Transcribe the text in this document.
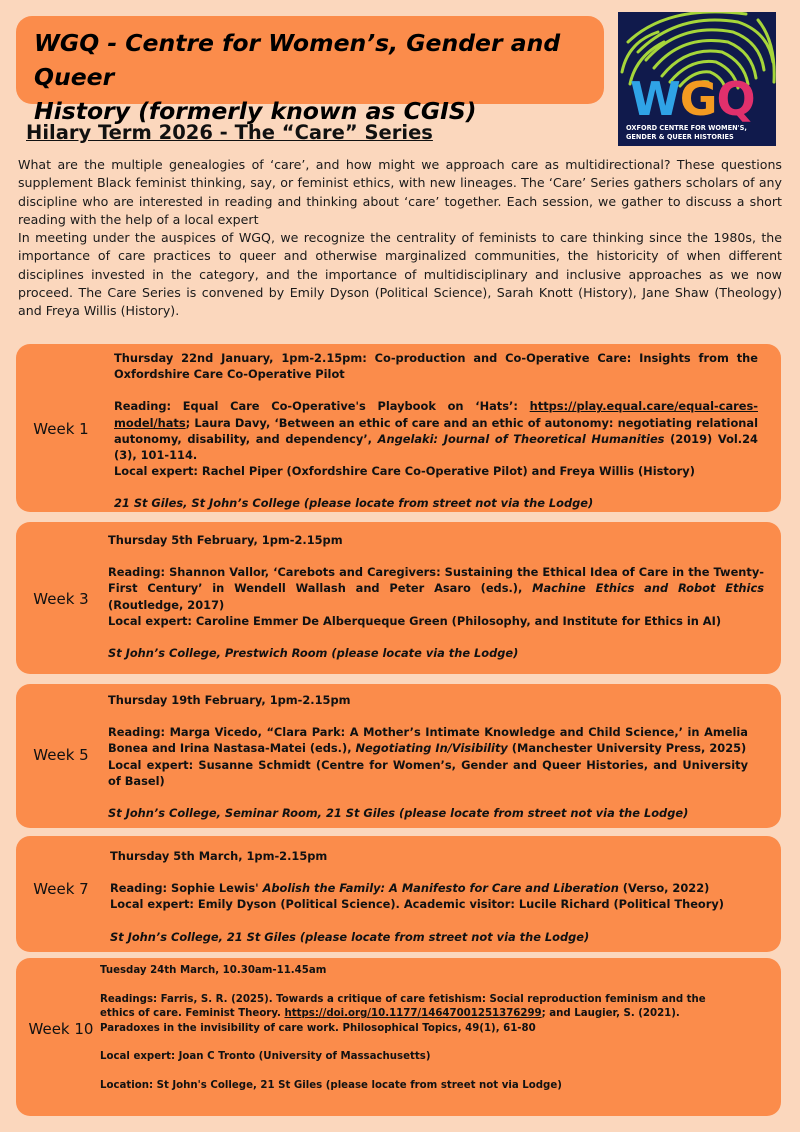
WGQ - Centre for Women’s, Gender and Queer
History (formerly known as CGIS)	WGQ
OXFORD CENTRE FOR WOMEN'S,
GENDER & QUEER HISTORIES
Hilary Term 2026 - The “Care” Series

What are the multiple genealogies of ‘care’, and how might we approach care as multidirectional? These questions supplement Black feminist thinking, say, or feminist ethics, with new lineages. The ‘Care’ Series gathers scholars of any discipline who are interested in reading and thinking about ‘care’ together. Each session, we gather to discuss a short reading with the help of a local expert

In meeting under the auspices of WGQ, we recognize the centrality of feminists to care thinking since the 1980s, the importance of care practices to queer and otherwise marginalized communities, the historicity of when different disciplines invested in the category, and the importance of multidisciplinary and inclusive approaches as we now proceed. The Care Series is convened by Emily Dyson (Political Science), Sarah Knott (History), Jane Shaw (Theology) and Freya Willis (History).

Week 1
Thursday 22nd January, 1pm-2.15pm: Co-production and Co-Operative Care: Insights from the Oxfordshire Care Co-Operative Pilot
Reading: Equal Care Co-Operative's Playbook on ‘Hats’: https://play.equal.care/equal-cares-model/hats; Laura Davy, ‘Between an ethic of care and an ethic of autonomy: negotiating relational autonomy, disability, and dependency’, Angelaki: Journal of Theoretical Humanities (2019) Vol.24 (3), 101-114.
Local expert: Rachel Piper (Oxfordshire Care Co-Operative Pilot) and Freya Willis (History)
21 St Giles, St John’s College (please locate from street not via the Lodge)
Week 3
Thursday 5th February, 1pm-2.15pm
Reading: Shannon Vallor, ‘Carebots and Caregivers: Sustaining the Ethical Idea of Care in the Twenty-First Century’ in Wendell Wallash and Peter Asaro (eds.), Machine Ethics and Robot Ethics (Routledge, 2017)
Local expert: Caroline Emmer De Alberqueque Green (Philosophy, and Institute for Ethics in AI)
St John’s College, Prestwich Room (please locate via the Lodge)
Week 5
Thursday 19th February, 1pm-2.15pm
Reading: Marga Vicedo, “Clara Park: A Mother’s Intimate Knowledge and Child Science,’ in Amelia Bonea and Irina Nastasa-Matei (eds.), Negotiating In/Visibility (Manchester University Press, 2025)
Local expert: Susanne Schmidt (Centre for Women’s, Gender and Queer Histories, and University of Basel)
St John’s College, Seminar Room, 21 St Giles (please locate from street not via the Lodge)
Week 7
Thursday 5th March, 1pm-2.15pm
Reading: Sophie Lewis' Abolish the Family: A Manifesto for Care and Liberation (Verso, 2022)
Local expert: Emily Dyson (Political Science). Academic visitor: Lucile Richard (Political Theory)
St John’s College, 21 St Giles (please locate from street not via the Lodge)
Week 10
Tuesday 24th March, 10.30am-11.45am
Readings: Farris, S. R. (2025). Towards a critique of care fetishism: Social reproduction feminism and the ethics of care. Feminist Theory. https://doi.org/10.1177/14647001251376299; and Laugier, S. (2021). Paradoxes in the invisibility of care work. Philosophical Topics, 49(1), 61-80
Local expert: Joan C Tronto (University of Massachusetts)
Location: St John's College, 21 St Giles (please locate from street not via Lodge)
